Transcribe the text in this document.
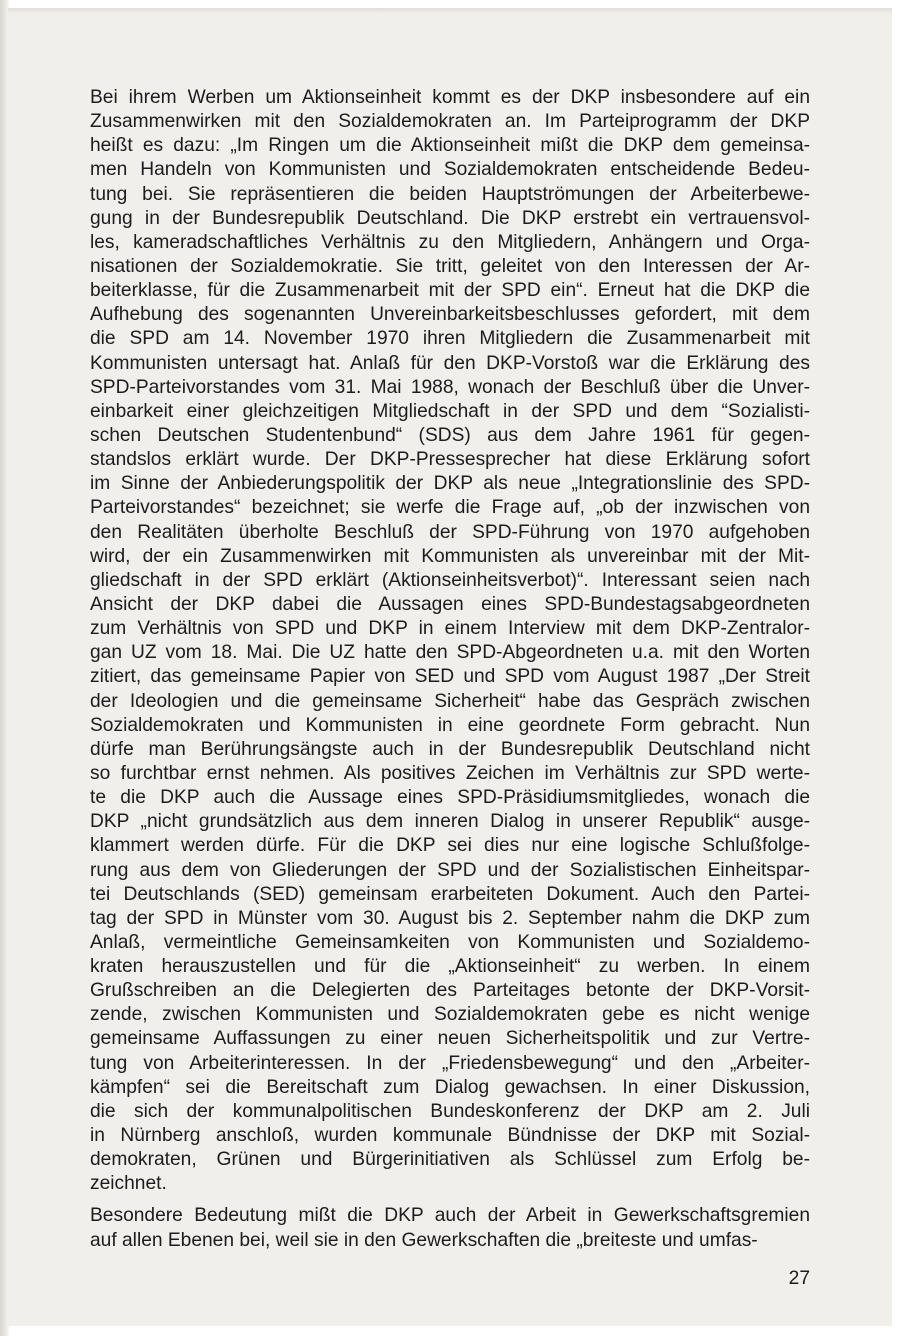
Bei ihrem Werben um Aktionseinheit kommt es der DKP insbesondere auf ein
Zusammenwirken mit den Sozialdemokraten an. Im Parteiprogramm der DKP
heißt es dazu: „Im Ringen um die Aktionseinheit mißt die DKP dem gemeinsa-
men Handeln von Kommunisten und Sozialdemokraten entscheidende Bedeu-
tung bei. Sie repräsentieren die beiden Hauptströmungen der Arbeiterbewe-
gung in der Bundesrepublik Deutschland. Die DKP erstrebt ein vertrauensvol-
les, kameradschaftliches Verhältnis zu den Mitgliedern, Anhängern und Orga-
nisationen der Sozialdemokratie. Sie tritt, geleitet von den Interessen der Ar-
beiterklasse, für die Zusammenarbeit mit der SPD ein“. Erneut hat die DKP die
Aufhebung des sogenannten Unvereinbarkeitsbeschlusses gefordert, mit dem
die SPD am 14. November 1970 ihren Mitgliedern die Zusammenarbeit mit
Kommunisten untersagt hat. Anlaß für den DKP-Vorstoß war die Erklärung des
SPD-Parteivorstandes vom 31. Mai 1988, wonach der Beschluß über die Unver-
einbarkeit einer gleichzeitigen Mitgliedschaft in der SPD und dem “Sozialisti-
schen Deutschen Studentenbund“ (SDS) aus dem Jahre 1961 für gegen-
standslos erklärt wurde. Der DKP-Pressesprecher hat diese Erklärung sofort
im Sinne der Anbiederungspolitik der DKP als neue „Integrationslinie des SPD-
Parteivorstandes“ bezeichnet; sie werfe die Frage auf, „ob der inzwischen von
den Realitäten überholte Beschluß der SPD-Führung von 1970 aufgehoben
wird, der ein Zusammenwirken mit Kommunisten als unvereinbar mit der Mit-
gliedschaft in der SPD erklärt (Aktionseinheitsverbot)“. Interessant seien nach
Ansicht der DKP dabei die Aussagen eines SPD-Bundestagsabgeordneten
zum Verhältnis von SPD und DKP in einem Interview mit dem DKP-Zentralor-
gan UZ vom 18. Mai. Die UZ hatte den SPD-Abgeordneten u.a. mit den Worten
zitiert, das gemeinsame Papier von SED und SPD vom August 1987 „Der Streit
der Ideologien und die gemeinsame Sicherheit“ habe das Gespräch zwischen
Sozialdemokraten und Kommunisten in eine geordnete Form gebracht. Nun
dürfe man Berührungsängste auch in der Bundesrepublik Deutschland nicht
so furchtbar ernst nehmen. Als positives Zeichen im Verhältnis zur SPD werte-
te die DKP auch die Aussage eines SPD-Präsidiumsmitgliedes, wonach die
DKP „nicht grundsätzlich aus dem inneren Dialog in unserer Republik“ ausge-
klammert werden dürfe. Für die DKP sei dies nur eine logische Schlußfolge-
rung aus dem von Gliederungen der SPD und der Sozialistischen Einheitspar-
tei Deutschlands (SED) gemeinsam erarbeiteten Dokument. Auch den Partei-
tag der SPD in Münster vom 30. August bis 2. September nahm die DKP zum
Anlaß, vermeintliche Gemeinsamkeiten von Kommunisten und Sozialdemo-
kraten herauszustellen und für die „Aktionseinheit“ zu werben. In einem
Grußschreiben an die Delegierten des Parteitages betonte der DKP-Vorsit-
zende, zwischen Kommunisten und Sozialdemokraten gebe es nicht wenige
gemeinsame Auffassungen zu einer neuen Sicherheitspolitik und zur Vertre-
tung von Arbeiterinteressen. In der „Friedensbewegung“ und den „Arbeiter-
kämpfen“ sei die Bereitschaft zum Dialog gewachsen. In einer Diskussion,
die sich der kommunalpolitischen Bundeskonferenz der DKP am 2. Juli
in Nürnberg anschloß, wurden kommunale Bündnisse der DKP mit Sozial-
demokraten, Grünen und Bürgerinitiativen als Schlüssel zum Erfolg be-
zeichnet.
Besondere Bedeutung mißt die DKP auch der Arbeit in Gewerkschaftsgremien
auf allen Ebenen bei, weil sie in den Gewerkschaften die „breiteste und umfas-
27
